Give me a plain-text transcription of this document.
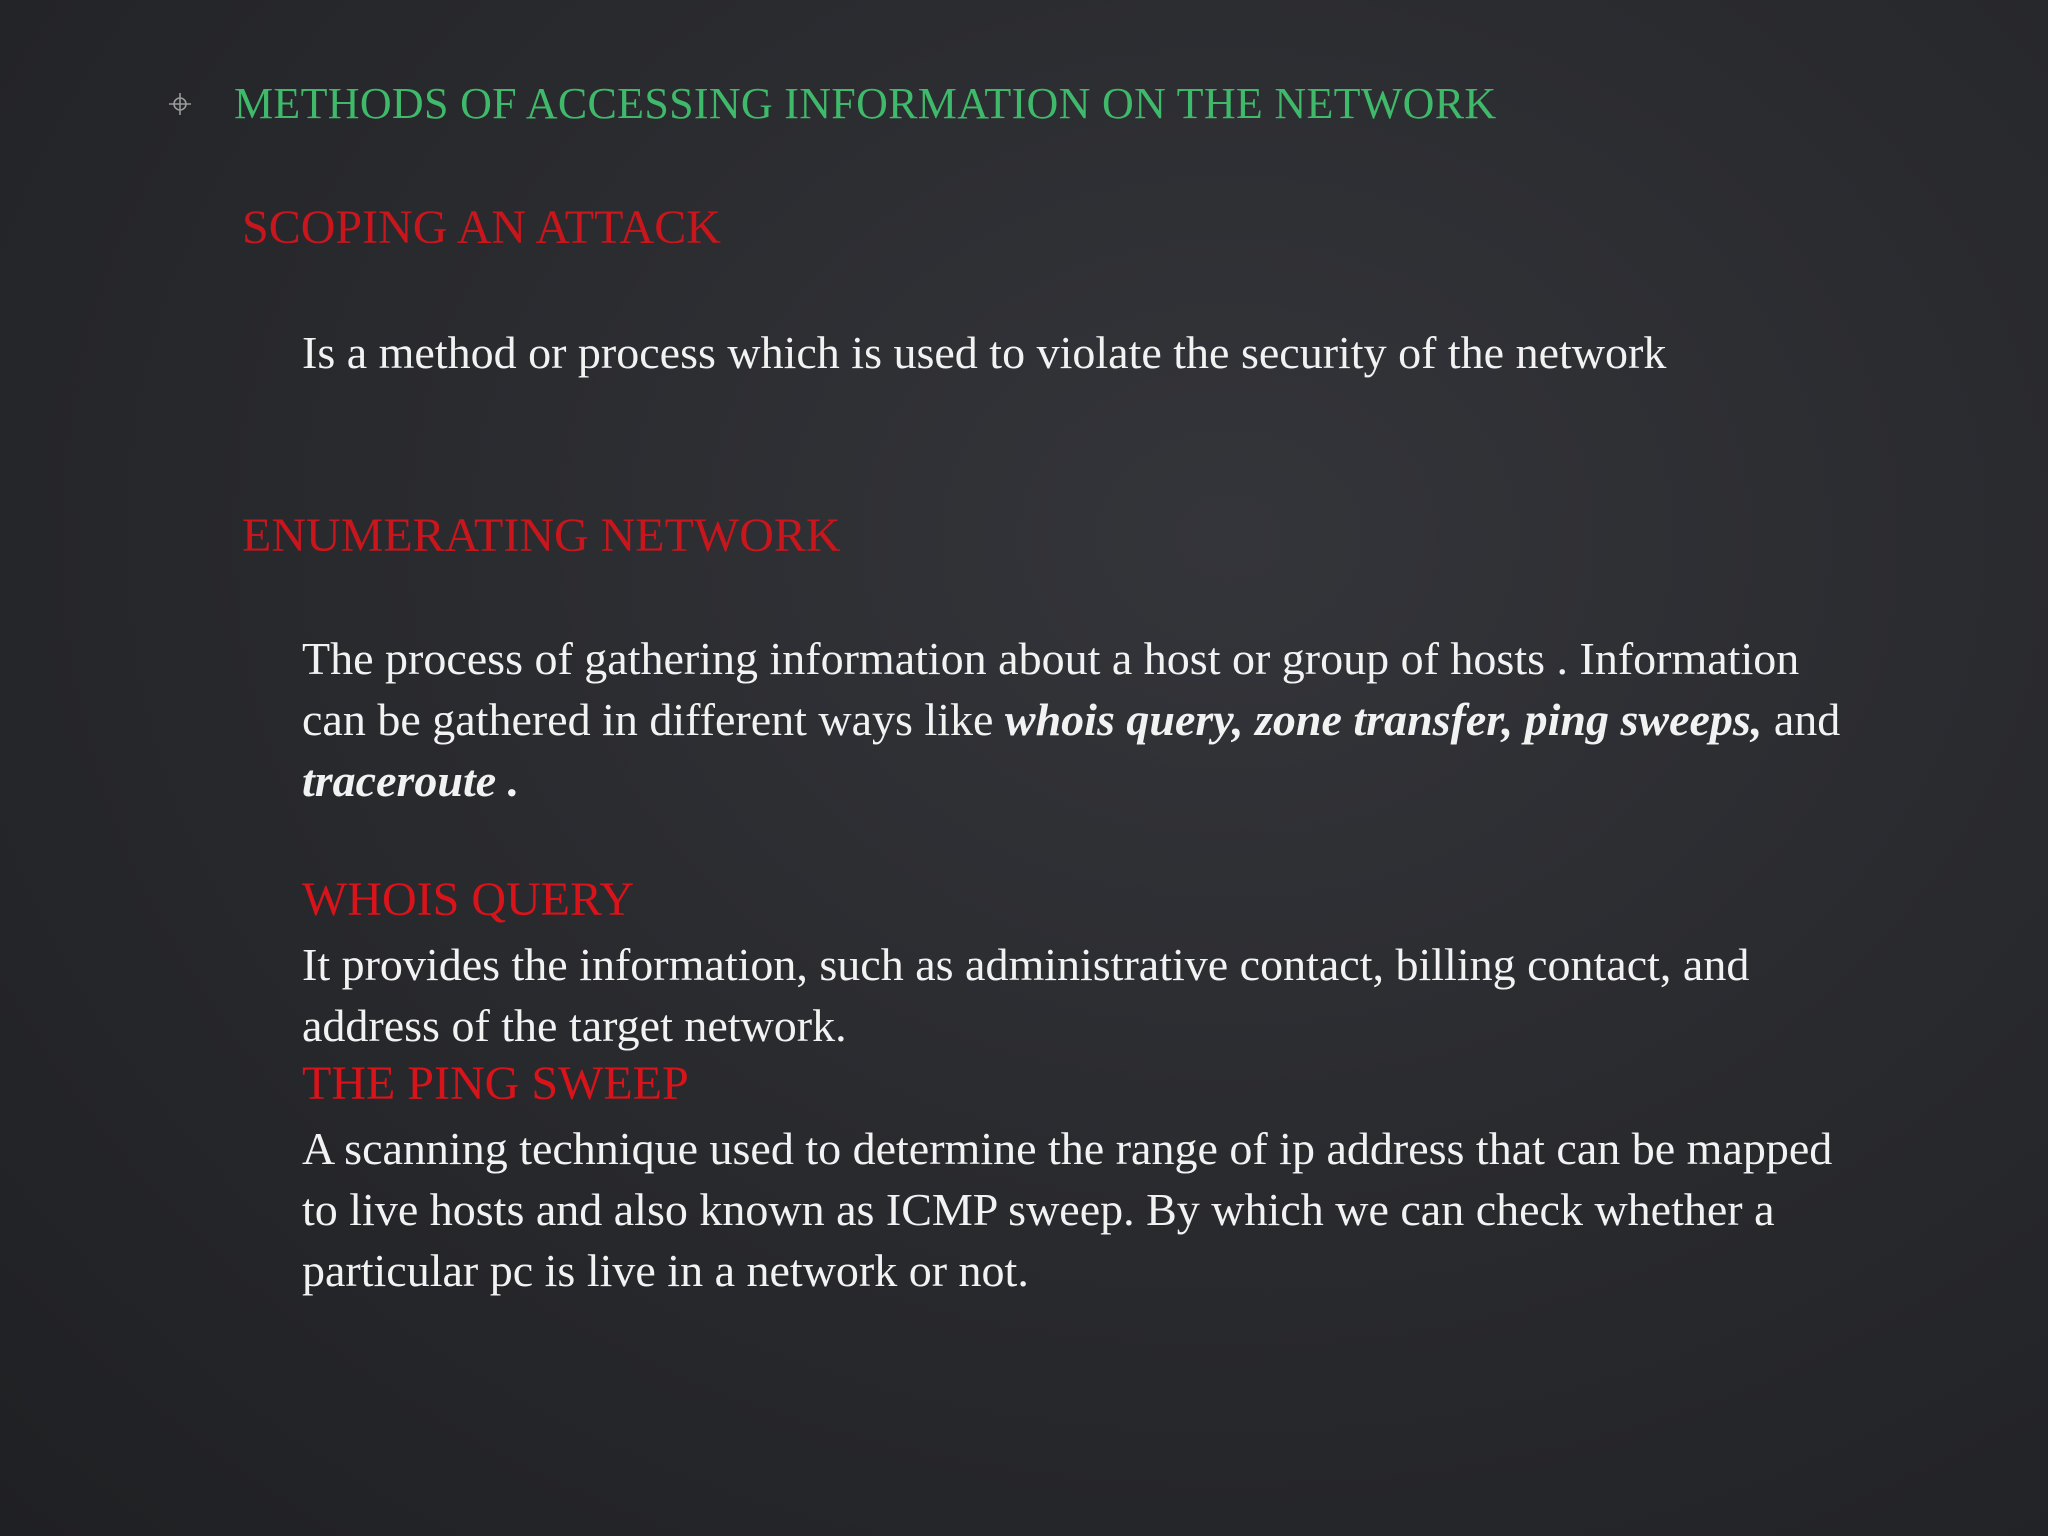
METHODS OF ACCESSING INFORMATION ON THE NETWORK
SCOPING AN ATTACK
Is a method or process which is used to violate the security of the network
ENUMERATING NETWORK
The process of gathering information about a host or group of hosts . Information can be gathered in different ways like whois query, zone transfer, ping sweeps, and traceroute .
WHOIS QUERY
It provides the information, such as administrative contact, billing contact, and address of the target network.
THE PING SWEEP
A scanning technique used to determine the range of ip address that can be mapped to live hosts and also known as ICMP sweep. By which we can check whether a particular pc is live in a network or not.
